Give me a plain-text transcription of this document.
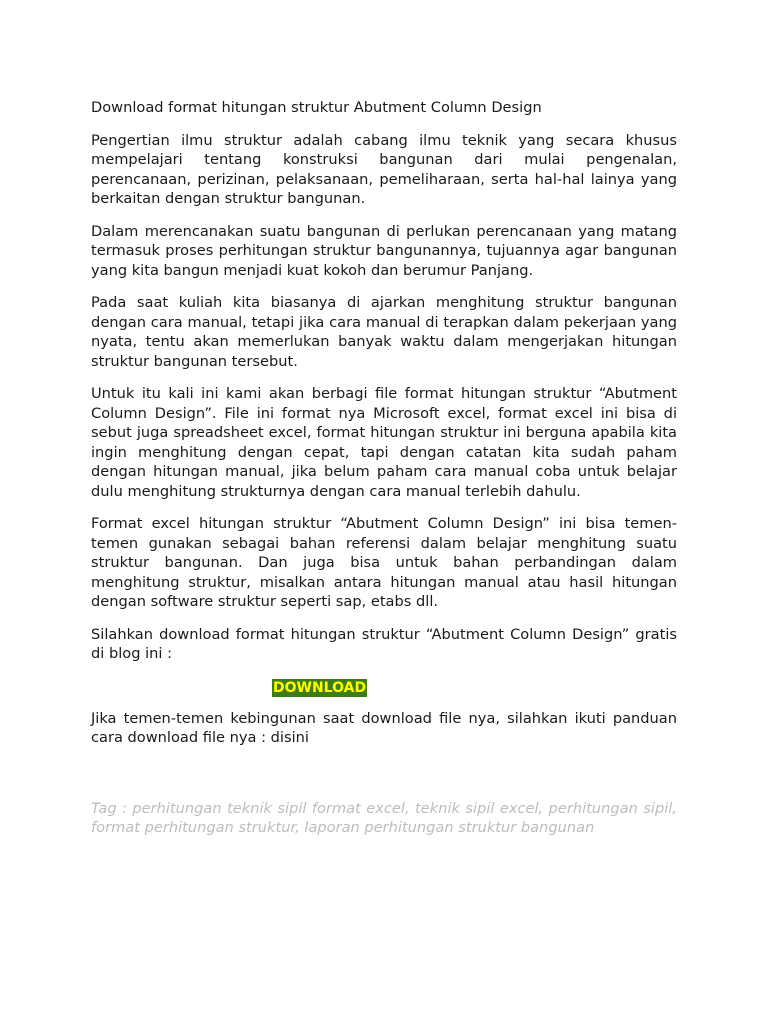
Download format hitungan struktur Abutment Column Design

Pengertian ilmu struktur adalah cabang ilmu teknik yang secara khusus mempelajari tentang konstruksi bangunan dari mulai pengenalan, perencanaan, perizinan, pelaksanaan, pemeliharaan, serta hal-hal lainya yang berkaitan dengan struktur bangunan.

Dalam merencanakan suatu bangunan di perlukan perencanaan yang matang termasuk proses perhitungan struktur bangunannya, tujuannya agar bangunan yang kita bangun menjadi kuat kokoh dan berumur Panjang.

Pada saat kuliah kita biasanya di ajarkan menghitung struktur bangunan dengan cara manual, tetapi jika cara manual di terapkan dalam pekerjaan yang nyata, tentu akan memerlukan banyak waktu dalam mengerjakan hitungan struktur bangunan tersebut.

Untuk itu kali ini kami akan berbagi file format hitungan struktur “Abutment Column Design”. File ini format nya Microsoft excel, format excel ini bisa di sebut juga spreadsheet excel, format hitungan struktur ini berguna apabila kita ingin menghitung dengan cepat, tapi dengan catatan kita sudah paham dengan hitungan manual, jika belum paham cara manual coba untuk belajar dulu menghitung strukturnya dengan cara manual terlebih dahulu.

Format excel hitungan struktur “Abutment Column Design” ini bisa temen-temen gunakan sebagai bahan referensi dalam belajar menghitung suatu struktur bangunan. Dan juga bisa untuk bahan perbandingan dalam menghitung struktur, misalkan antara hitungan manual atau hasil hitungan dengan software struktur seperti sap, etabs dll.

Silahkan download format hitungan struktur “Abutment Column Design” gratis di blog ini :

DOWNLOAD

Jika temen-temen kebingunan saat download file nya, silahkan ikuti panduan cara download file nya : disini

Tag : perhitungan teknik sipil format excel, teknik sipil excel, perhitungan sipil, format perhitungan struktur, laporan perhitungan struktur bangunan
